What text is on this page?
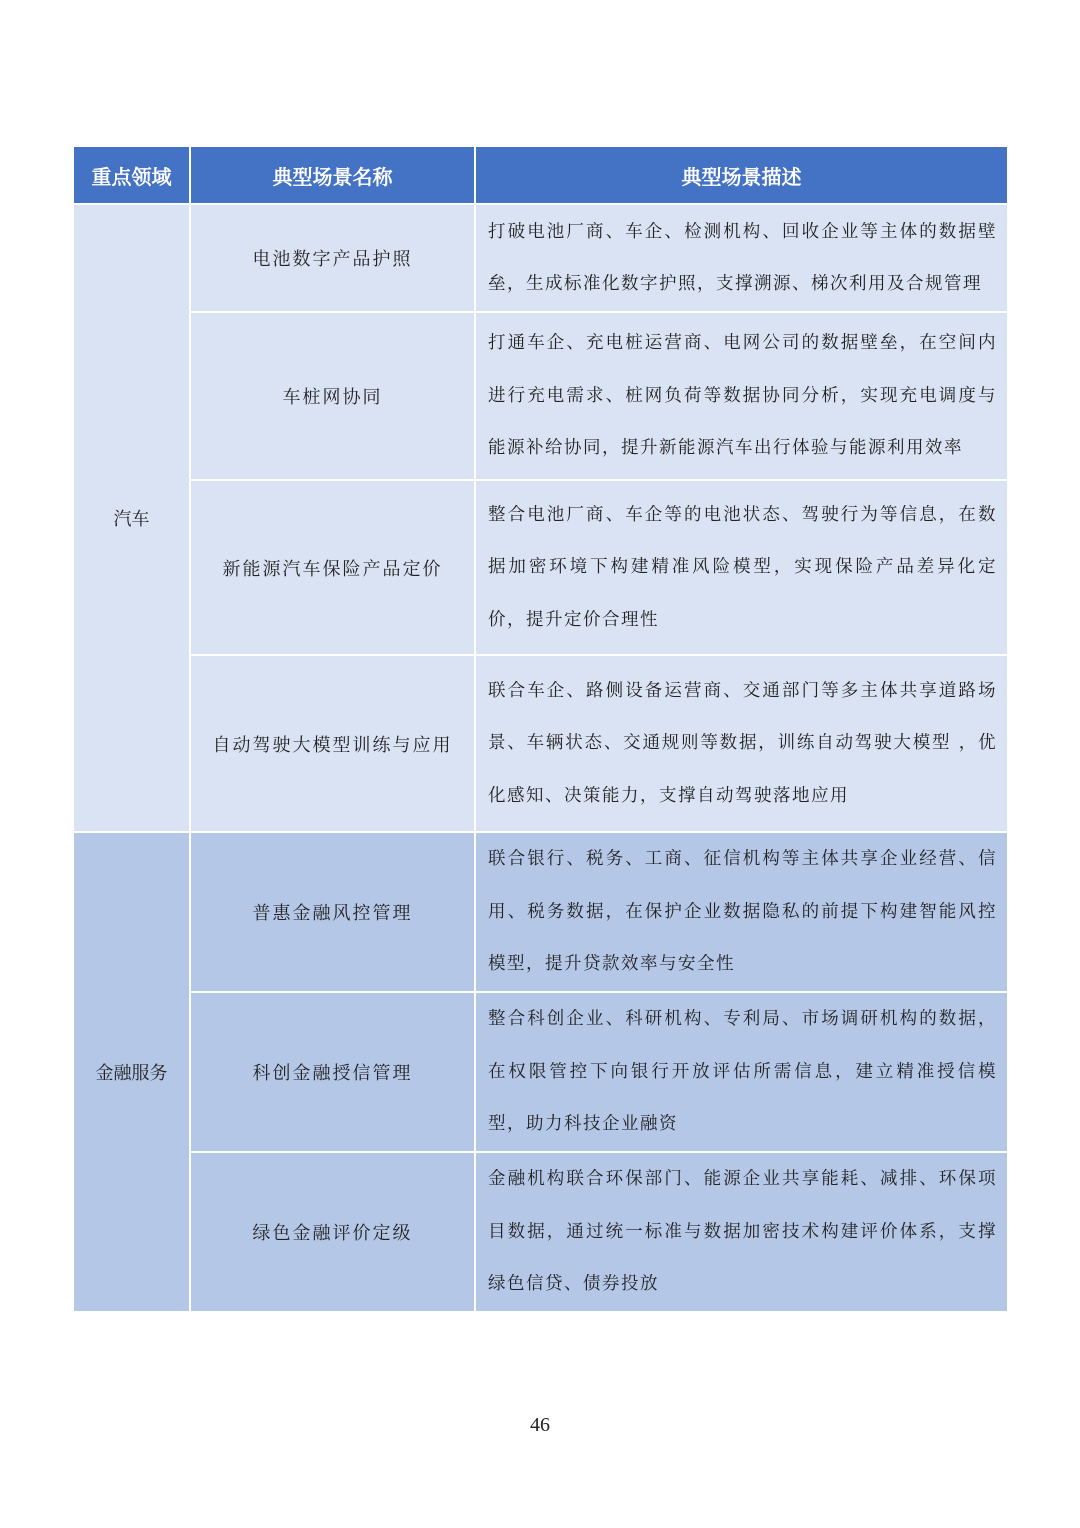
重点领域	典型场景名称	典型场景描述
汽车	电池数字产品护照	打破电池厂商、车企、检测机构、回收企业等主体的数据壁垒，生成标准化数字护照，支撑溯源、梯次利用及合规管理
	车桩网协同	打通车企、充电桩运营商、电网公司的数据壁垒，在空间内进行充电需求、桩网负荷等数据协同分析，实现充电调度与能源补给协同，提升新能源汽车出行体验与能源利用效率
	新能源汽车保险产品定价	整合电池厂商、车企等的电池状态、驾驶行为等信息，在数据加密环境下构建精准风险模型，实现保险产品差异化定价，提升定价合理性
	自动驾驶大模型训练与应用	联合车企、路侧设备运营商、交通部门等多主体共享道路场景、车辆状态、交通规则等数据，训练自动驾驶大模型 ，优化感知、决策能力，支撑自动驾驶落地应用
金融服务	普惠金融风控管理	联合银行、税务、工商、征信机构等主体共享企业经营、信用、税务数据，在保护企业数据隐私的前提下构建智能风控模型，提升贷款效率与安全性
	科创金融授信管理	整合科创企业、科研机构、专利局、市场调研机构的数据，在权限管控下向银行开放评估所需信息，建立精准授信模型，助力科技企业融资
	绿色金融评价定级	金融机构联合环保部门、能源企业共享能耗、减排、环保项目数据，通过统一标准与数据加密技术构建评价体系，支撑绿色信贷、债券投放
46
